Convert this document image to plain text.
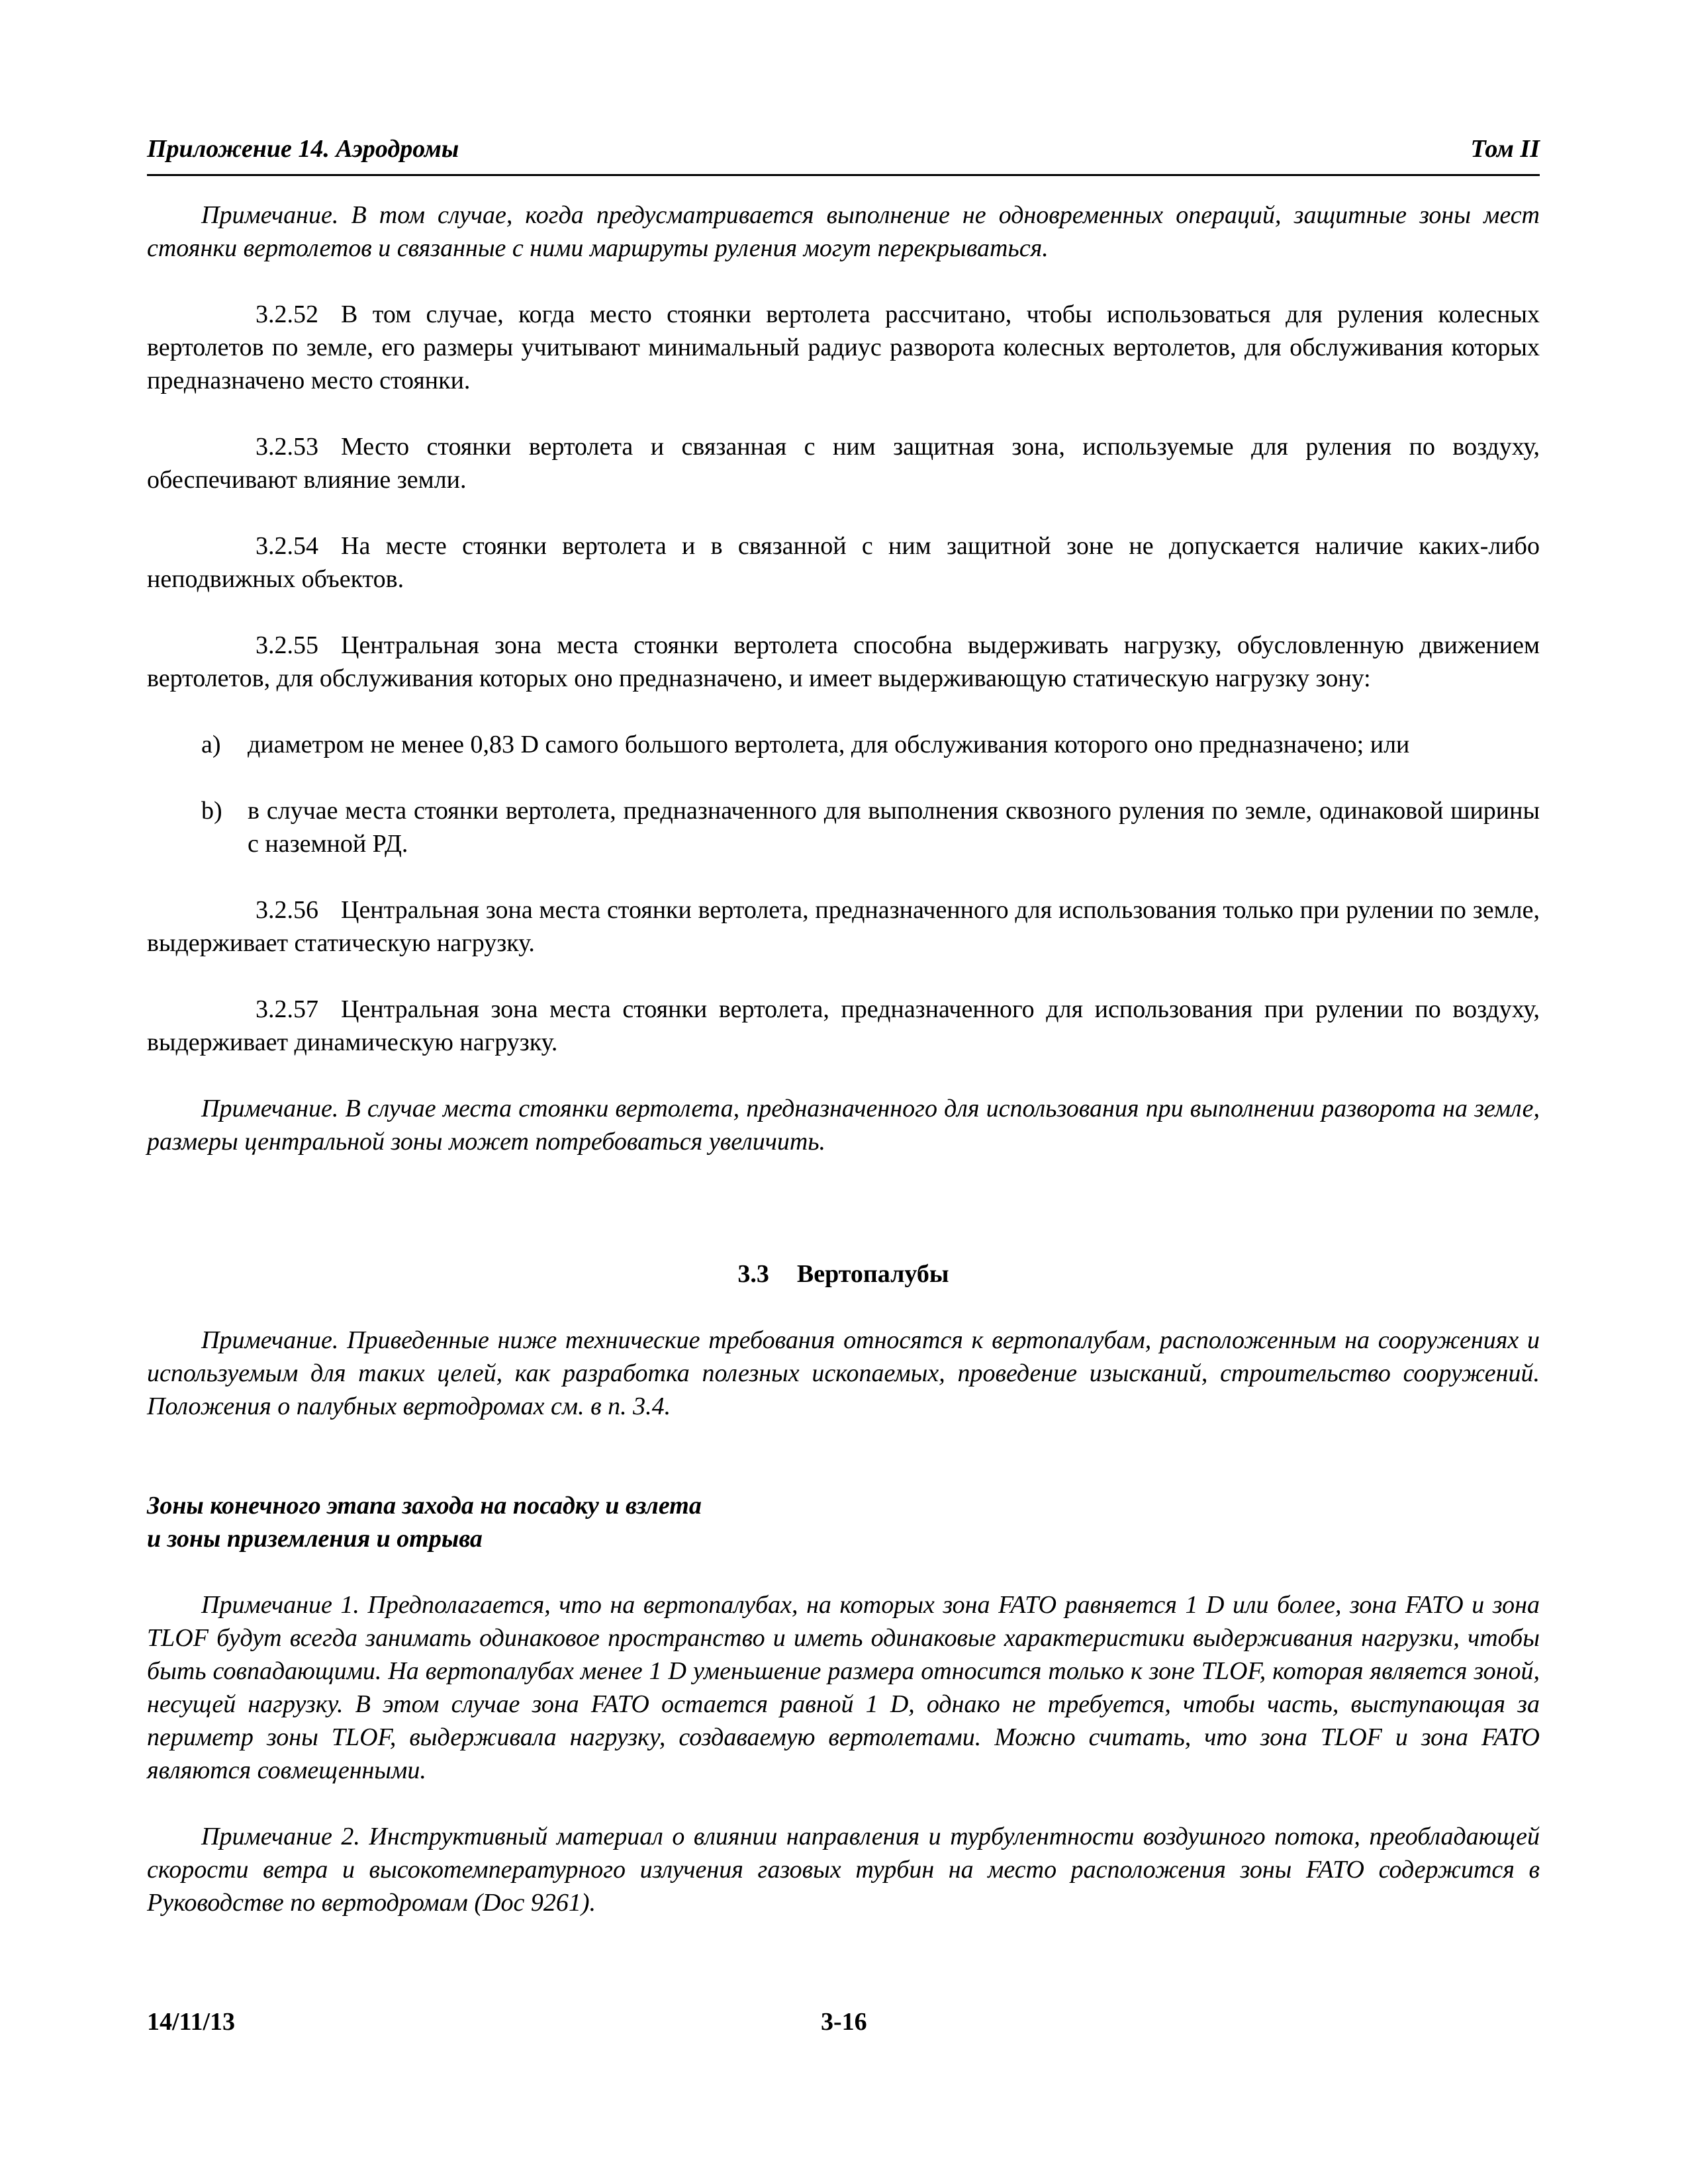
Приложение 14. Аэродромы	Том II

Примечание. В том случае, когда предусматривается выполнение не одновременных операций, защитные зоны мест стоянки вертолетов и связанные с ними маршруты руления могут перекрываться.

3.2.52 В том случае, когда место стоянки вертолета рассчитано, чтобы использоваться для руления колесных вертолетов по земле, его размеры учитывают минимальный радиус разворота колесных вертолетов, для обслуживания которых предназначено место стоянки.

3.2.53 Место стоянки вертолета и связанная с ним защитная зона, используемые для руления по воздуху, обеспечивают влияние земли.

3.2.54 На месте стоянки вертолета и в связанной с ним защитной зоне не допускается наличие каких-либо неподвижных объектов.

3.2.55 Центральная зона места стоянки вертолета способна выдерживать нагрузку, обусловленную движением вертолетов, для обслуживания которых оно предназначено, и имеет выдерживающую статическую нагрузку зону:

a) диаметром не менее 0,83 D самого большого вертолета, для обслуживания которого оно предназначено; или

b) в случае места стоянки вертолета, предназначенного для выполнения сквозного руления по земле, одинаковой ширины с наземной РД.

3.2.56 Центральная зона места стоянки вертолета, предназначенного для использования только при рулении по земле, выдерживает статическую нагрузку.

3.2.57 Центральная зона места стоянки вертолета, предназначенного для использования при рулении по воздуху, выдерживает динамическую нагрузку.

Примечание. В случае места стоянки вертолета, предназначенного для использования при выполнении разворота на земле, размеры центральной зоны может потребоваться увеличить.

3.3 Вертопалубы

Примечание. Приведенные ниже технические требования относятся к вертопалубам, расположенным на сооружениях и используемым для таких целей, как разработка полезных ископаемых, проведение изысканий, строительство сооружений. Положения о палубных вертодромах см. в п. 3.4.

Зоны конечного этапа захода на посадку и взлета

и зоны приземления и отрыва

Примечание 1. Предполагается, что на вертопалубах, на которых зона FATO равняется 1 D или более, зона FATO и зона TLOF будут всегда занимать одинаковое пространство и иметь одинаковые характеристики выдерживания нагрузки, чтобы быть совпадающими. На вертопалубах менее 1 D уменьшение размера относится только к зоне TLOF, которая является зоной, несущей нагрузку. В этом случае зона FATO остается равной 1 D, однако не требуется, чтобы часть, выступающая за периметр зоны TLOF, выдерживала нагрузку, создаваемую вертолетами. Можно считать, что зона TLOF и зона FATO являются совмещенными.

Примечание 2. Инструктивный материал о влиянии направления и турбулентности воздушного потока, преобладающей скорости ветра и высокотемпературного излучения газовых турбин на место расположения зоны FATO содержится в Руководстве по вертодромам (Doc 9261).

14/11/13	3-16
